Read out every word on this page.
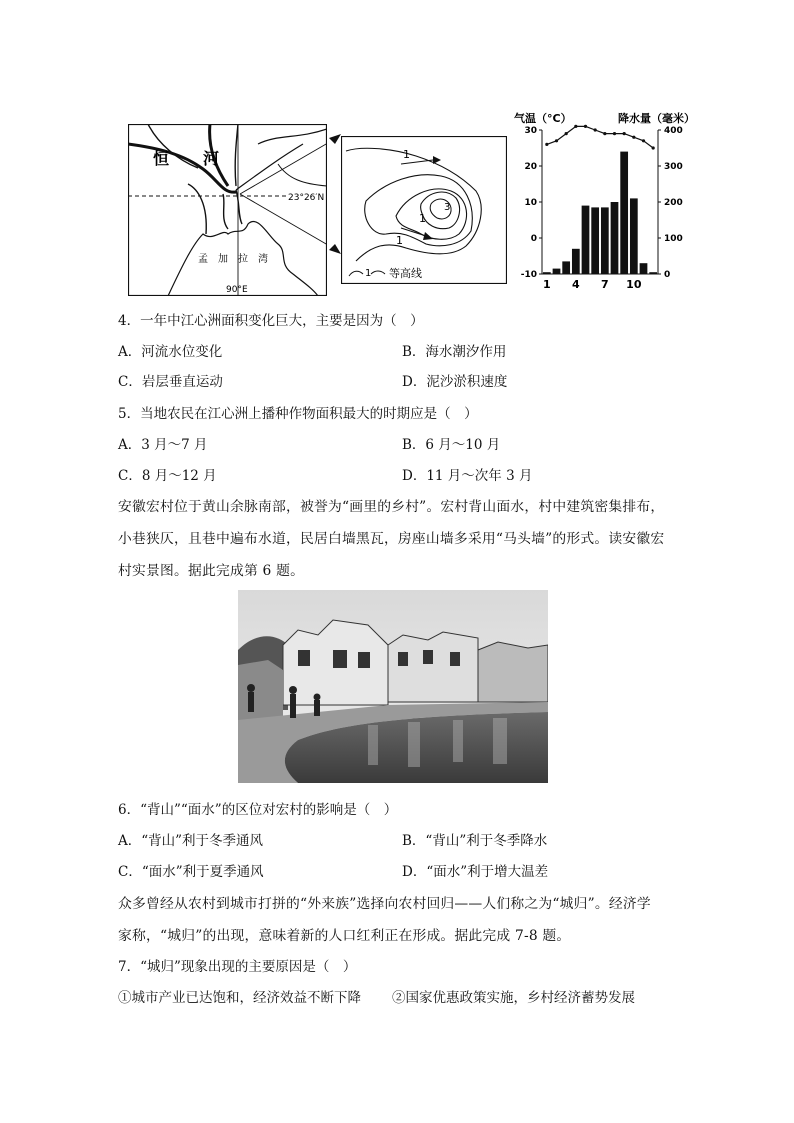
恒 河
23°26′N
孟 加 拉 湾
90°E
1
1
3
1
1 等高线
气温（°C）	降水量（毫米）
30
20
10
0
-10
400
300
200
100
0
1 4 7 10
4．一年中江心洲面积变化巨大，主要是因为（　）
A．河流水位变化	B．海水潮汐作用
C．岩层垂直运动	D．泥沙淤积速度
5．当地农民在江心洲上播种作物面积最大的时期应是（　）
A．3 月～7 月	B．6 月～10 月
C．8 月～12 月	D．11 月～次年 3 月
安徽宏村位于黄山余脉南部，被誉为“画里的乡村”。宏村背山面水，村中建筑密集排布，
小巷狭仄，且巷中遍布水道，民居白墙黑瓦，房座山墙多采用“马头墙”的形式。读安徽宏
村实景图。据此完成第 6 题。
6．“背山”“面水”的区位对宏村的影响是（　）
A．“背山”利于冬季通风	B．“背山”利于冬季降水
C．“面水”利于夏季通风	D．“面水”利于增大温差
众多曾经从农村到城市打拼的“外来族”选择向农村回归——人们称之为“城归”。经济学
家称，“城归”的出现，意味着新的人口红利正在形成。据此完成 7-8 题。
7．“城归”现象出现的主要原因是（　）
①城市产业已达饱和，经济效益不断下降 ②国家优惠政策实施，乡村经济蓄势发展
